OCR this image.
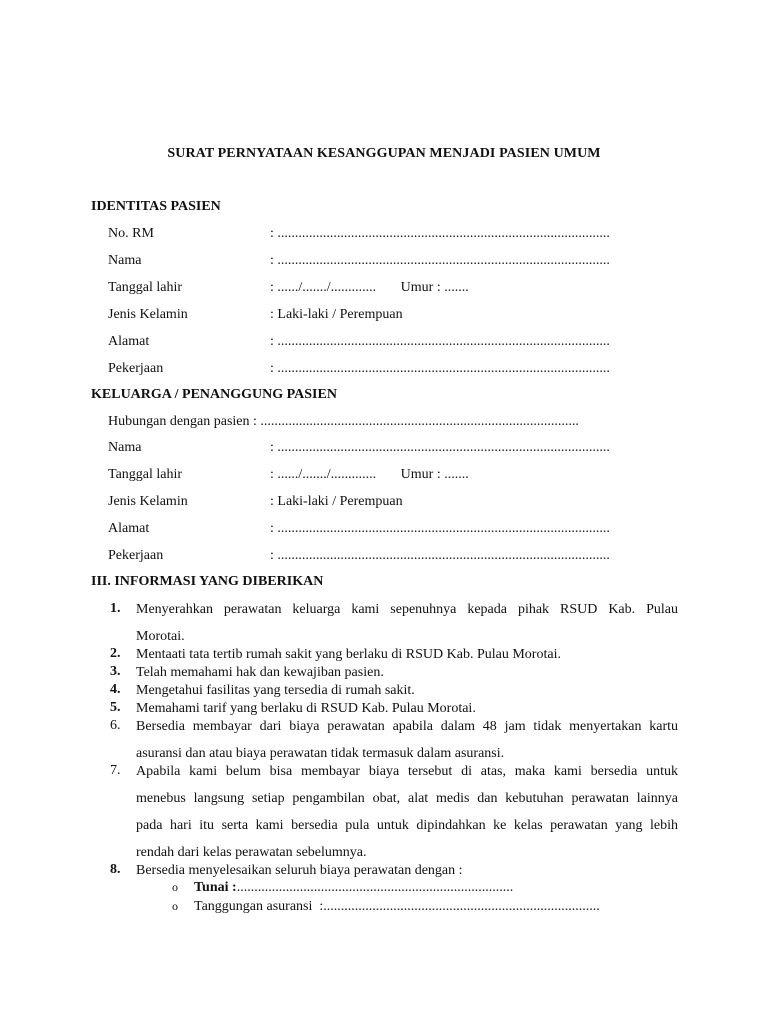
SURAT PERNYATAAN KESANGGUPAN MENJADI PASIEN UMUM
IDENTITAS PASIEN
No. RM	: ...............................................................................................
Nama	: ...............................................................................................
Tanggal lahir	: ....../......./.............       Umur : .......
Jenis Kelamin	: Laki-laki / Perempuan
Alamat	: ...............................................................................................
Pekerjaan	: ...............................................................................................
KELUARGA / PENANGGUNG PASIEN
Hubungan dengan pasien : ...........................................................................................
Nama	: ...............................................................................................
Tanggal lahir	: ....../......./.............       Umur : .......
Jenis Kelamin	: Laki-laki / Perempuan
Alamat	: ...............................................................................................
Pekerjaan	: ...............................................................................................
III. INFORMASI YANG DIBERIKAN
1.	Menyerahkan perawatan keluarga kami sepenuhnya kepada pihak RSUD Kab. Pulau
Morotai.
2.	Mentaati tata tertib rumah sakit yang berlaku di RSUD Kab. Pulau Morotai.
3.	Telah memahami hak dan kewajiban pasien.
4.	Mengetahui fasilitas yang tersedia di rumah sakit.
5.	Memahami tarif yang berlaku di RSUD Kab. Pulau Morotai.
6.	Bersedia membayar dari biaya perawatan apabila dalam 48 jam tidak menyertakan kartu
asuransi dan atau biaya perawatan tidak termasuk dalam asuransi.
7.	Apabila kami belum bisa membayar biaya tersebut di atas, maka kami bersedia untuk
menebus langsung setiap pengambilan obat, alat medis dan kebutuhan perawatan lainnya
pada hari itu serta kami bersedia pula untuk dipindahkan ke kelas perawatan yang lebih
rendah dari kelas perawatan sebelumnya.
8.	Bersedia menyelesaikan seluruh biaya perawatan dengan :
o Tunai :...............................................................................
o Tanggungan asuransi  :...............................................................................
